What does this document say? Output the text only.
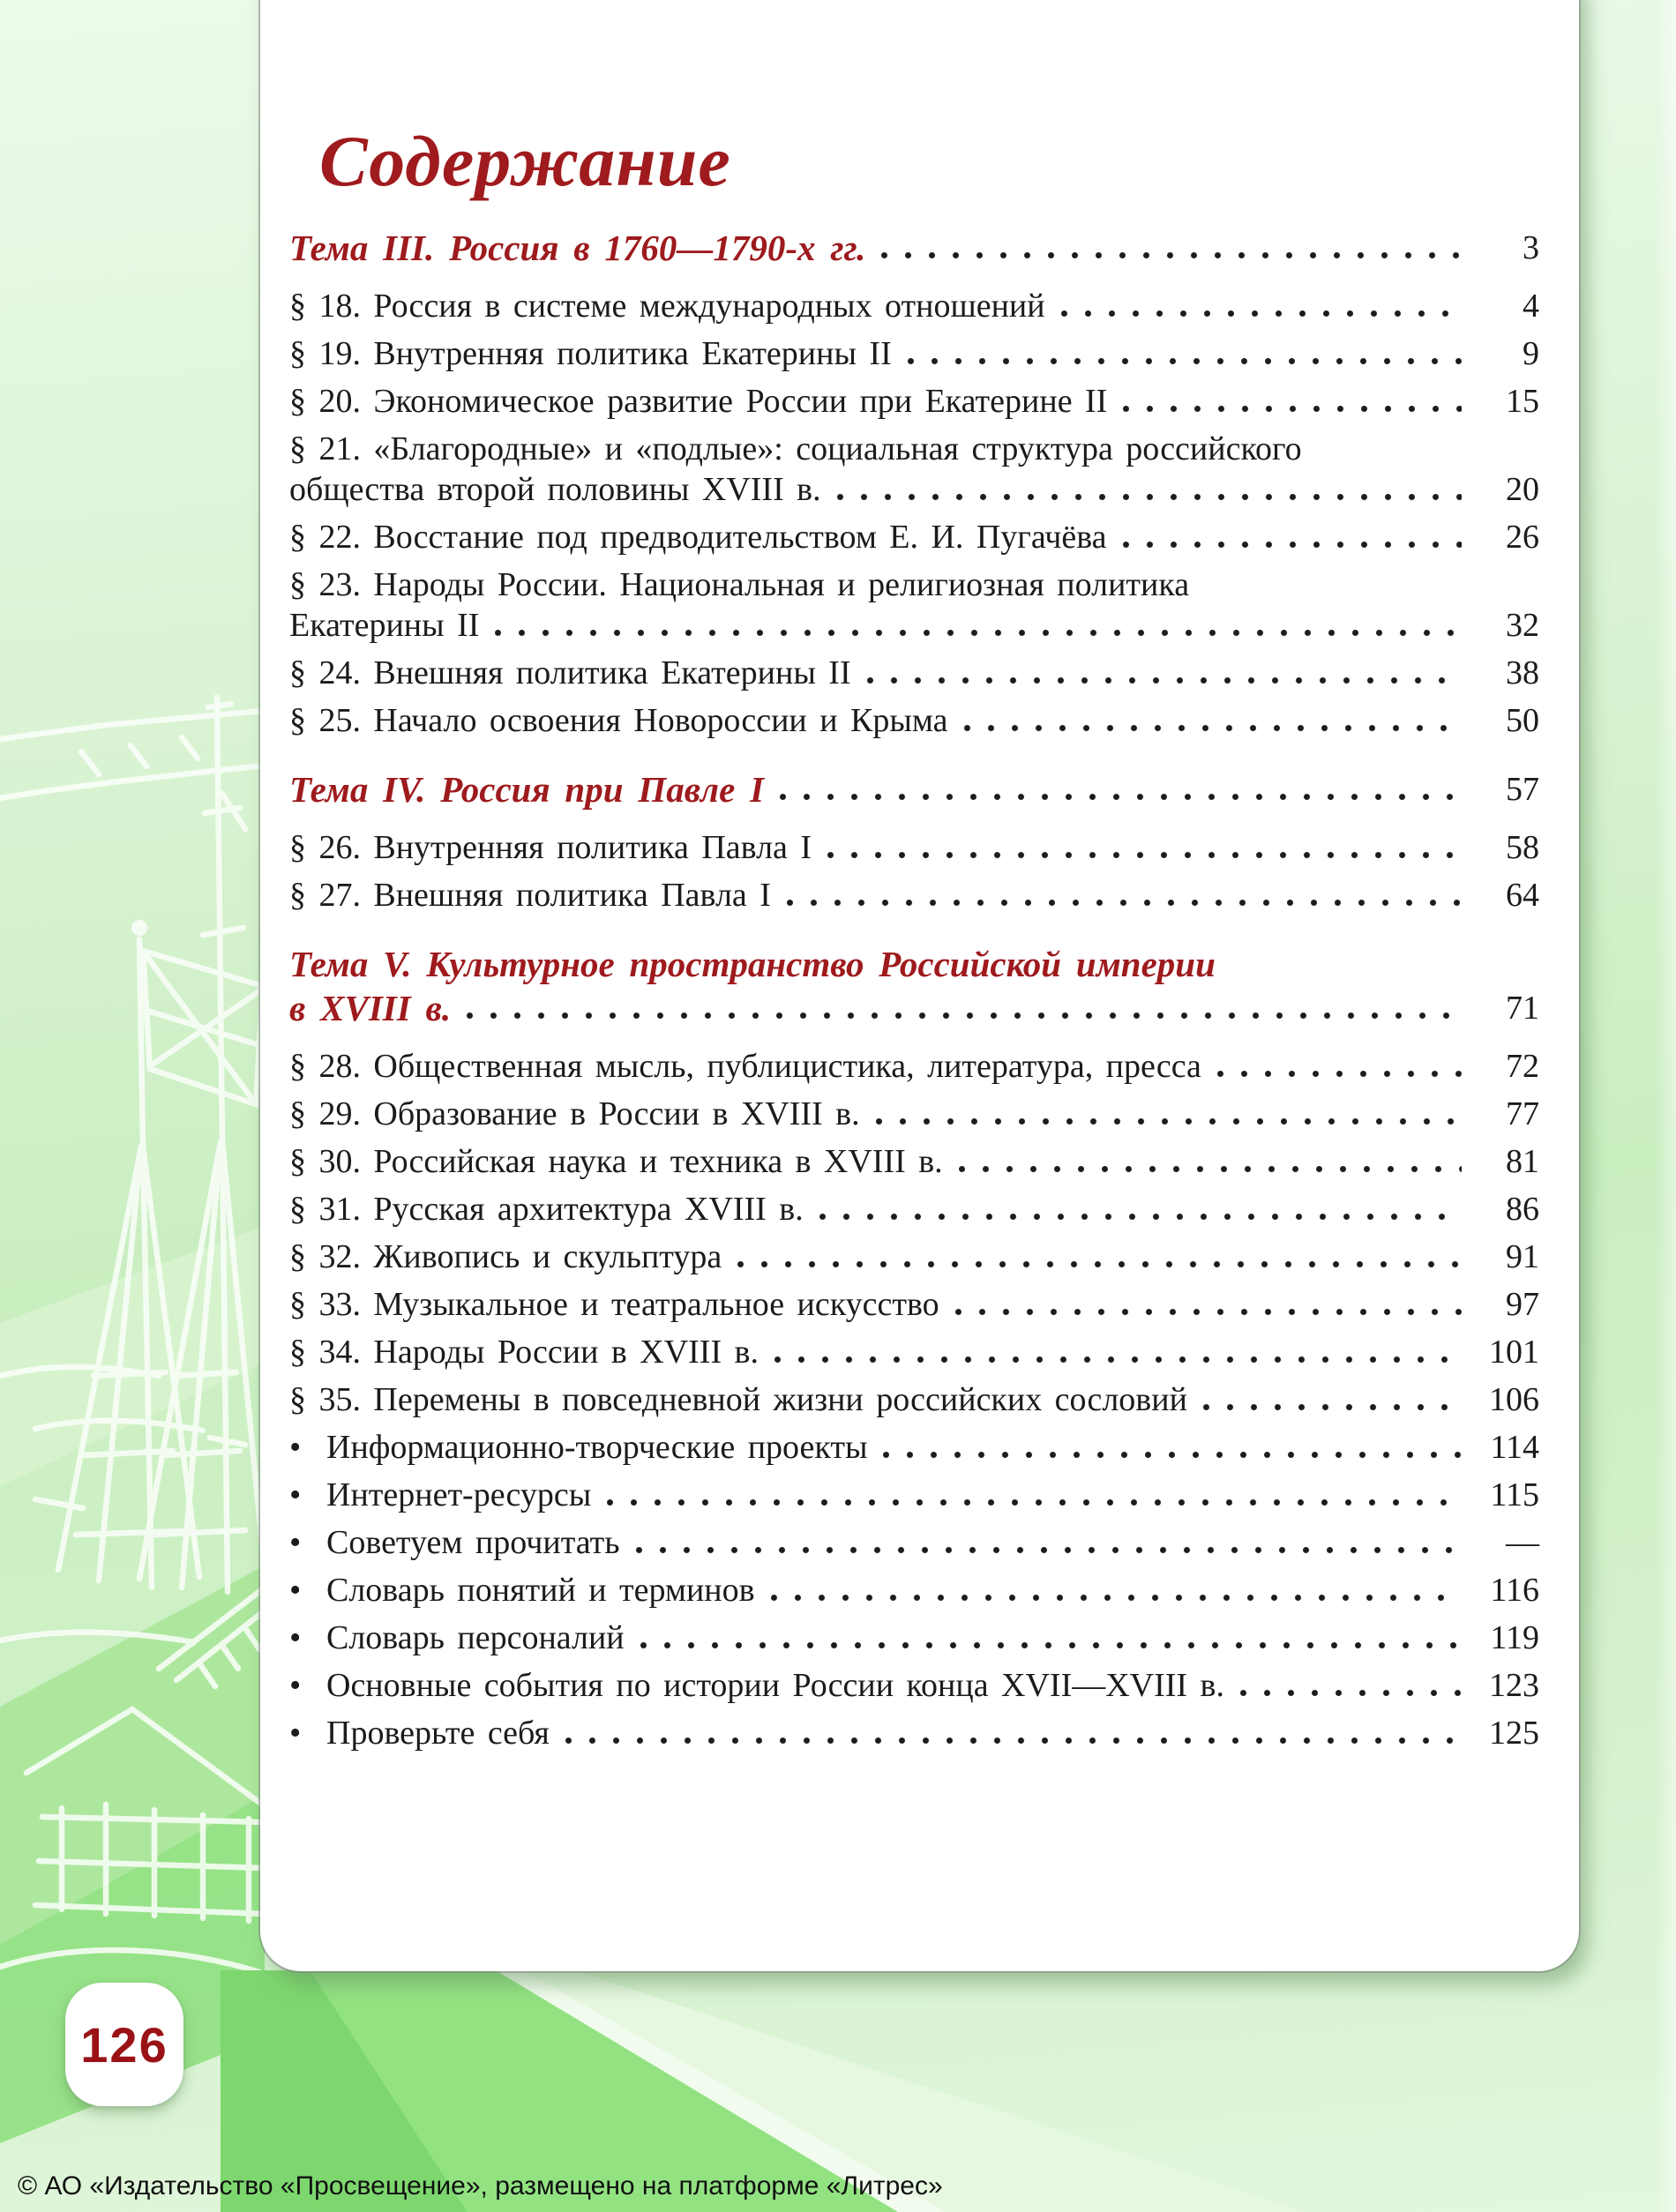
Содержание
Тема III. Россия в 1760—1790-х гг.	3
§ 18. Россия в системе международных отношений	4
§ 19. Внутренняя политика Екатерины II	9
§ 20. Экономическое развитие России при Екатерине II	15
§ 21. «Благородные» и «подлые»: социальная структура российского
общества второй половины XVIII в.	20
§ 22. Восстание под предводительством Е. И. Пугачёва	26
§ 23. Народы России. Национальная и религиозная политика
Екатерины II	32
§ 24. Внешняя политика Екатерины II	38
§ 25. Начало освоения Новороссии и Крыма	50
Тема IV. Россия при Павле I	57
§ 26. Внутренняя политика Павла I	58
§ 27. Внешняя политика Павла I	64
Тема V. Культурное пространство Российской империи
в XVIII в.	71
§ 28. Общественная мысль, публицистика, литература, пресса	72
§ 29. Образование в России в XVIII в.	77
§ 30. Российская наука и техника в XVIII в.	81
§ 31. Русская архитектура XVIII в.	86
§ 32. Живопись и скульптура	91
§ 33. Музыкальное и театральное искусство	97
§ 34. Народы России в XVIII в.	101
§ 35. Перемены в повседневной жизни российских сословий	106
• Информационно-творческие проекты	114
• Интернет-ресурсы	115
• Советуем прочитать	—
• Словарь понятий и терминов	116
• Словарь персоналий	119
• Основные события по истории России конца XVII—XVIII в.	123
• Проверьте себя	125
126
© АО «Издательство «Просвещение», размещено на платформе «Литрес»
